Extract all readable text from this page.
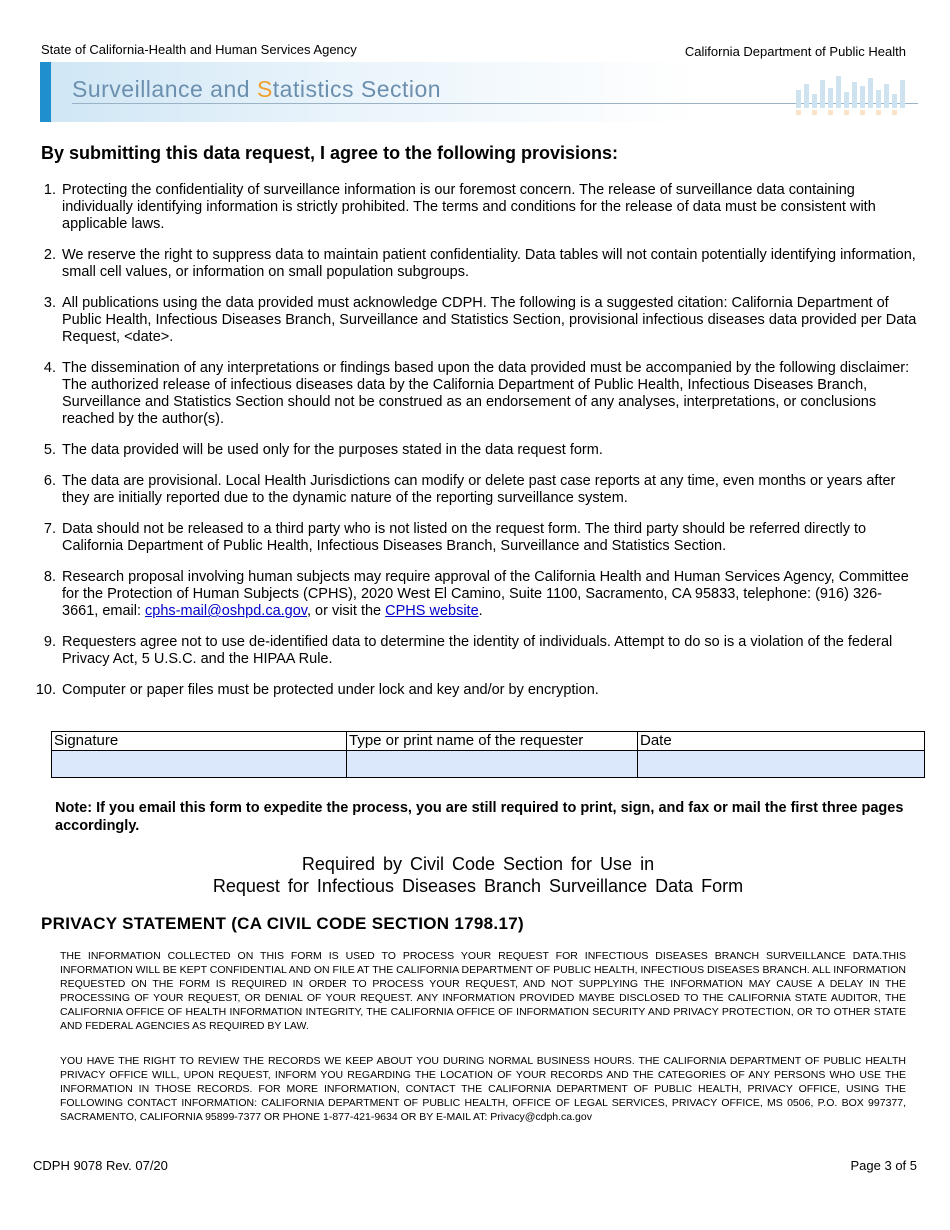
State of California-Health and Human Services Agency	California Department of Public Health
Surveillance and Statistics Section
By submitting this data request, I agree to the following provisions:
1. Protecting the confidentiality of surveillance information is our foremost concern. The release of surveillance data containing individually identifying information is strictly prohibited. The terms and conditions for the release of data must be consistent with applicable laws.
2. We reserve the right to suppress data to maintain patient confidentiality. Data tables will not contain potentially identifying information, small cell values, or information on small population subgroups.
3. All publications using the data provided must acknowledge CDPH. The following is a suggested citation: California Department of Public Health, Infectious Diseases Branch, Surveillance and Statistics Section, provisional infectious diseases data provided per Data Request, <date>.
4. The dissemination of any interpretations or findings based upon the data provided must be accompanied by the following disclaimer: The authorized release of infectious diseases data by the California Department of Public Health, Infectious Diseases Branch, Surveillance and Statistics Section should not be construed as an endorsement of any analyses, interpretations, or conclusions reached by the author(s).
5. The data provided will be used only for the purposes stated in the data request form.
6. The data are provisional. Local Health Jurisdictions can modify or delete past case reports at any time, even months or years after they are initially reported due to the dynamic nature of the reporting surveillance system.
7. Data should not be released to a third party who is not listed on the request form. The third party should be referred directly to California Department of Public Health, Infectious Diseases Branch, Surveillance and Statistics Section.
8. Research proposal involving human subjects may require approval of the California Health and Human Services Agency, Committee for the Protection of Human Subjects (CPHS), 2020 West El Camino, Suite 1100, Sacramento, CA 95833, telephone: (916) 326-3661, email: cphs-mail@oshpd.ca.gov, or visit the CPHS website.
9. Requesters agree not to use de-identified data to determine the identity of individuals. Attempt to do so is a violation of the federal Privacy Act, 5 U.S.C. and the HIPAA Rule.
10. Computer or paper files must be protected under lock and key and/or by encryption.
Signature	Type or print name of the requester	Date

Note: If you email this form to expedite the process, you are still required to print, sign, and fax or mail the first three pages accordingly.
Required by Civil Code Section for Use in
Request for Infectious Diseases Branch Surveillance Data Form
PRIVACY STATEMENT (CA CIVIL CODE SECTION 1798.17)
THE INFORMATION COLLECTED ON THIS FORM IS USED TO PROCESS YOUR REQUEST FOR INFECTIOUS DISEASES BRANCH SURVEILLANCE DATA.THIS INFORMATION WILL BE KEPT CONFIDENTIAL AND ON FILE AT THE CALIFORNIA DEPARTMENT OF PUBLIC HEALTH, INFECTIOUS DISEASES BRANCH. ALL INFORMATION REQUESTED ON THE FORM IS REQUIRED IN ORDER TO PROCESS YOUR REQUEST, AND NOT SUPPLYING THE INFORMATION MAY CAUSE A DELAY IN THE PROCESSING OF YOUR REQUEST, OR DENIAL OF YOUR REQUEST. ANY INFORMATION PROVIDED MAYBE DISCLOSED TO THE CALIFORNIA STATE AUDITOR, THE CALIFORNIA OFFICE OF HEALTH INFORMATION INTEGRITY, THE CALIFORNIA OFFICE OF INFORMATION SECURITY AND PRIVACY PROTECTION, OR TO OTHER STATE AND FEDERAL AGENCIES AS REQUIRED BY LAW.
YOU HAVE THE RIGHT TO REVIEW THE RECORDS WE KEEP ABOUT YOU DURING NORMAL BUSINESS HOURS. THE CALIFORNIA DEPARTMENT OF PUBLIC HEALTH PRIVACY OFFICE WILL, UPON REQUEST, INFORM YOU REGARDING THE LOCATION OF YOUR RECORDS AND THE CATEGORIES OF ANY PERSONS WHO USE THE INFORMATION IN THOSE RECORDS. FOR MORE INFORMATION, CONTACT THE CALIFORNIA DEPARTMENT OF PUBLIC HEALTH, PRIVACY OFFICE, USING THE FOLLOWING CONTACT INFORMATION: CALIFORNIA DEPARTMENT OF PUBLIC HEALTH, OFFICE OF LEGAL SERVICES, PRIVACY OFFICE, MS 0506, P.O. BOX 997377, SACRAMENTO, CALIFORNIA 95899-7377 OR PHONE 1-877-421-9634 OR BY E-MAIL AT: Privacy@cdph.ca.gov
CDPH 9078 Rev. 07/20	Page 3 of 5
